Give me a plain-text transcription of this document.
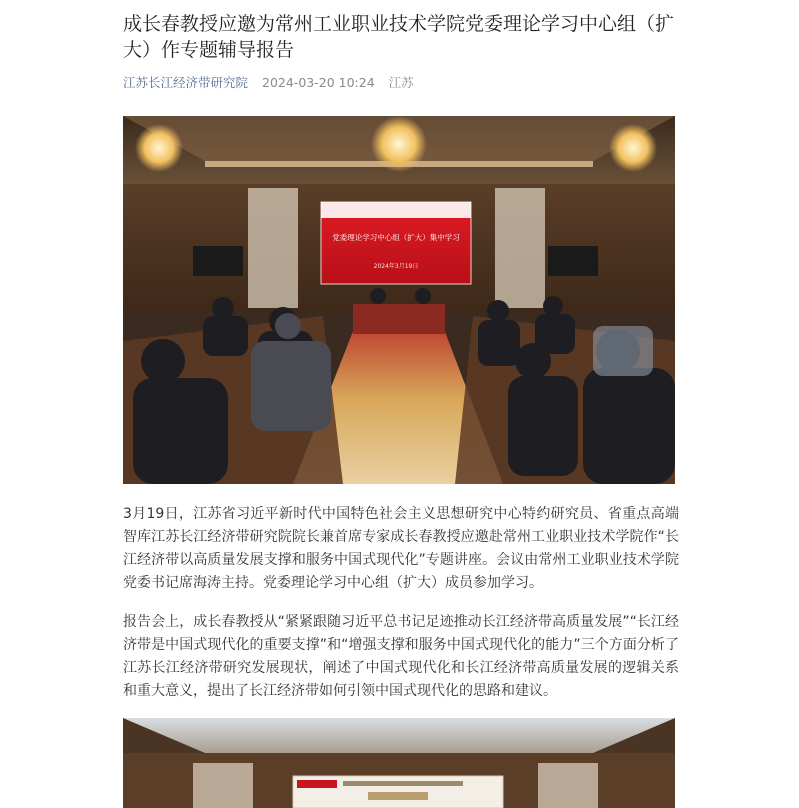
成长春教授应邀为常州工业职业技术学院党委理论学习中心组（扩大）作专题辅导报告
江苏长江经济带研究院 2024-03-20 10:24 江苏
党委理论学习中心组（扩大）集中学习
2024年3月19日

3月19日，江苏省习近平新时代中国特色社会主义思想研究中心特约研究员、省重点高端智库江苏长江经济带研究院院长兼首席专家成长春教授应邀赴常州工业职业技术学院作“长江经济带以高质量发展支撑和服务中国式现代化”专题讲座。会议由常州工业职业技术学院党委书记席海涛主持。党委理论学习中心组（扩大）成员参加学习。

报告会上，成长春教授从“紧紧跟随习近平总书记足迹推动长江经济带高质量发展”“长江经济带是中国式现代化的重要支撑”和“增强支撑和服务中国式现代化的能力”三个方面分析了江苏长江经济带研究发展现状，阐述了中国式现代化和长江经济带高质量发展的逻辑关系和重大意义，提出了长江经济带如何引领中国式现代化的思路和建议。
